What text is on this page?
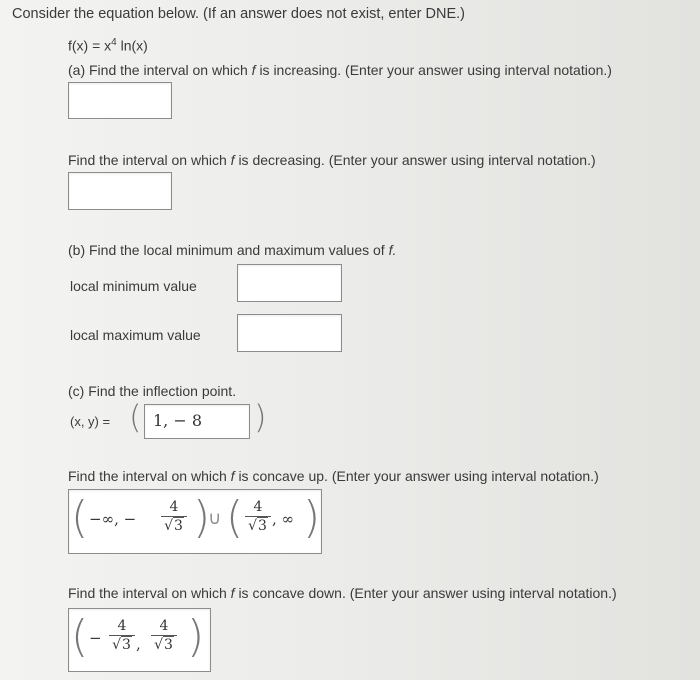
Consider the equation below. (If an answer does not exist, enter DNE.)
$f(x) = x^4$ ln(x)
(a) Find the interval on which f is increasing. (Enter your answer using interval notation.)
Find the interval on which f is decreasing. (Enter your answer using interval notation.)
(b) Find the local minimum and maximum values of f.
local minimum value
local maximum value
(c) Find the inflection point.
(x, y) = ( 1, − 8 )
Find the interval on which f is concave up. (Enter your answer using interval notation.)
( −∞, −
4
√3 )
∪ ( 4
√3 , ∞ )
Find the interval on which f is concave down. (Enter your answer using interval notation.)
( −
4
√3 ,
4
√3 )
